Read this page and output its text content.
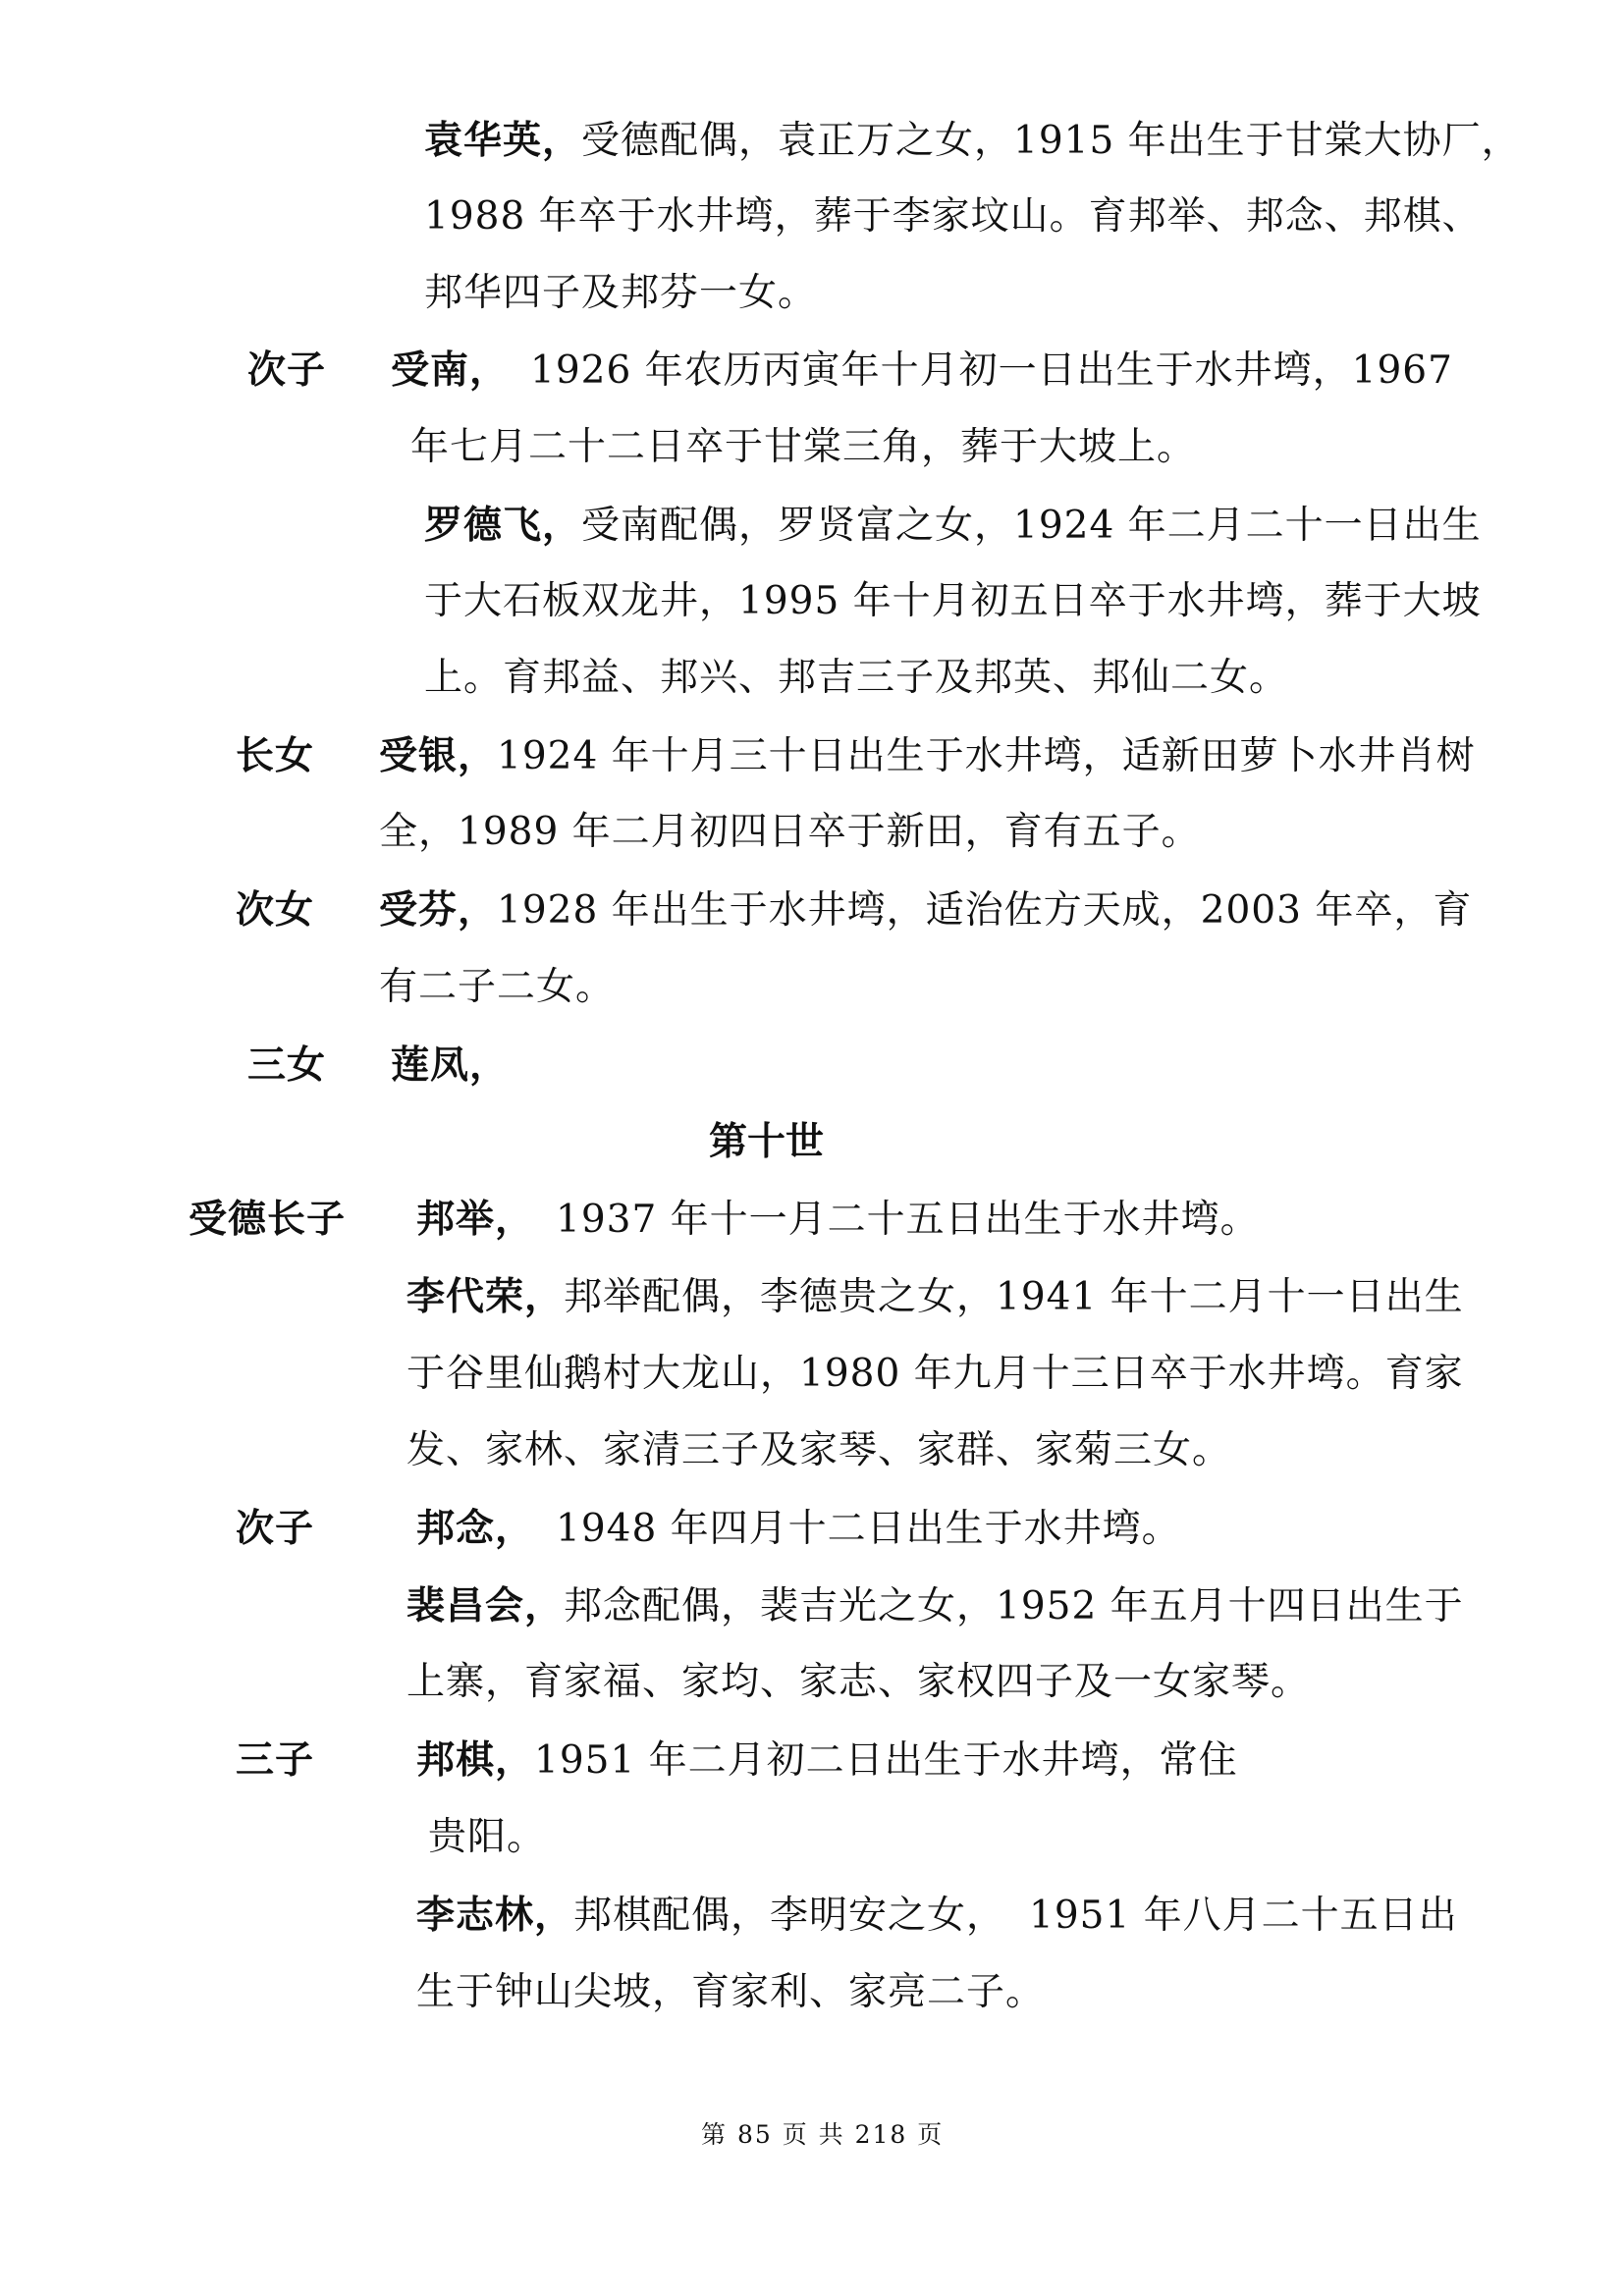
袁华英，受德配偶，袁正万之女，1915 年出生于甘棠大协厂，
1988 年卒于水井塆，葬于李家坟山。育邦举、邦念、邦棋、
邦华四子及邦芬一女。
次子 受南， 1926 年农历丙寅年十月初一日出生于水井塆，1967
年七月二十二日卒于甘棠三角，葬于大坡上。
罗德飞，受南配偶，罗贤富之女，1924 年二月二十一日出生
于大石板双龙井，1995 年十月初五日卒于水井塆，葬于大坡
上。育邦益、邦兴、邦吉三子及邦英、邦仙二女。
长女 受银，1924 年十月三十日出生于水井塆，适新田萝卜水井肖树
全，1989 年二月初四日卒于新田，育有五子。
次女 受芬，1928 年出生于水井塆，适治佐方天成，2003 年卒，育
有二子二女。
三女 莲凤，
第十世
受德长子 邦举， 1937 年十一月二十五日出生于水井塆。
李代荣，邦举配偶，李德贵之女，1941 年十二月十一日出生
于谷里仙鹅村大龙山，1980 年九月十三日卒于水井塆。育家
发、家林、家清三子及家琴、家群、家菊三女。
次子	邦念， 1948 年四月十二日出生于水井塆。
裴昌会，邦念配偶，裴吉光之女，1952 年五月十四日出生于
上寨，育家福、家均、家志、家权四子及一女家琴。
三子	邦棋，1951 年二月初二日出生于水井塆，常住
贵阳。
李志林，邦棋配偶，李明安之女， 1951 年八月二十五日出
生于钟山尖坡，育家利、家亮二子。
第 85 页 共 218 页
